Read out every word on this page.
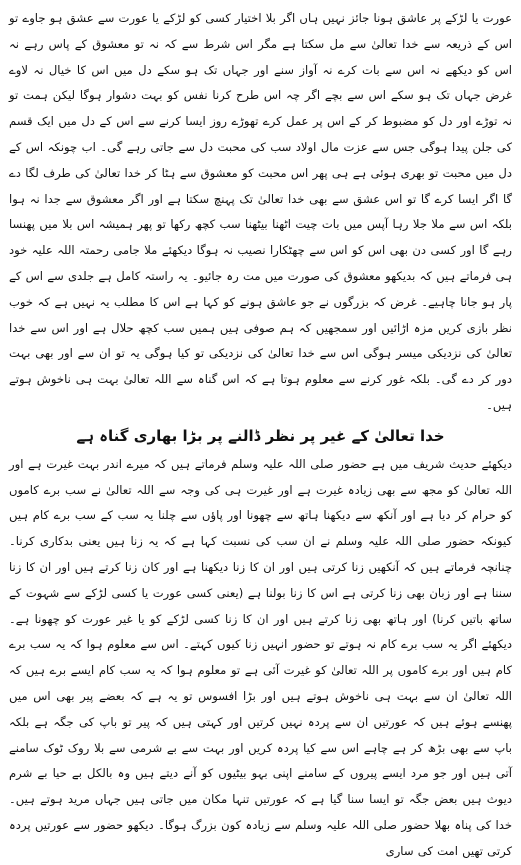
عورت یا لڑکے پر عاشق ہونا جائز نہیں ہاں اگر بلا اختیار کسی کو لڑکے یا عورت سے عشق ہو جاوے تو اس کے ذریعہ سے خدا تعالیٰ سے مل سکتا ہے مگر اس شرط سے کہ نہ تو معشوق کے پاس رہے نہ اس کو دیکھے نہ اس سے بات کرے نہ آواز سنے اور جہاں تک ہو سکے دل میں اس کا خیال نہ لاوے غرض جہاں تک ہو سکے اس سے بچے اگر چہ اس طرح کرنا نفس کو بہت دشوار ہوگا لیکن ہمت تو نہ توڑے اور دل کو مضبوط کر کے اس پر عمل کرے تھوڑے روز ایسا کرنے سے اس کے دل میں ایک قسم کی جلن پیدا ہوگی جس سے عزت مال اولاد سب کی محبت دل سے جاتی رہے گی۔ اب چونکہ اس کے دل میں محبت تو بھری ہوئی ہے ہی پھر اس محبت کو معشوق سے ہٹا کر خدا تعالیٰ کی طرف لگا دے گا اگر ایسا کرے گا تو اس عشق سے بھی خدا تعالیٰ تک پہنچ سکتا ہے اور اگر معشوق سے جدا نہ ہوا بلکہ اس سے ملا جلا رہا آپس میں بات چیت اٹھنا بیٹھنا سب کچھ رکھا تو پھر ہمیشہ اس بلا میں پھنسا رہے گا اور کسی دن بھی اس کو اس سے چھٹکارا نصیب نہ ہوگا دیکھئے ملا جامی رحمتہ اللہ علیہ خود ہی فرماتے ہیں کہ بدیکھو معشوق کی صورت میں مت رہ جائیو۔ یہ راستہ کامل ہے جلدی سے اس کے پار ہو جانا چاہیے۔ غرض کہ بزرگوں نے جو عاشق ہونے کو کہا ہے اس کا مطلب یہ نہیں ہے کہ خوب نظر بازی کریں مزہ اڑائیں اور سمجھیں کہ ہم صوفی ہیں ہمیں سب کچھ حلال ہے اور اس سے خدا تعالیٰ کی نزدیکی میسر ہوگی اس سے خدا تعالیٰ کی نزدیکی تو کیا ہوگی یہ تو ان سے اور بھی بہت دور کر دے گی۔ بلکہ غور کرنے سے معلوم ہوتا ہے کہ اس گناہ سے اللہ تعالیٰ بہت ہی ناخوش ہوتے ہیں۔

خدا تعالیٰ کے غیر پر نظر ڈالنے پر بڑا بھاری گناہ ہے

دیکھئے حدیث شریف میں ہے حضور صلی اللہ علیہ وسلم فرماتے ہیں کہ میرے اندر بہت غیرت ہے اور اللہ تعالیٰ کو مجھ سے بھی زیادہ غیرت ہے اور غیرت ہی کی وجہ سے اللہ تعالیٰ نے سب برے کاموں کو حرام کر دیا ہے اور آنکھ سے دیکھنا ہاتھ سے چھونا اور پاؤں سے چلنا یہ سب کے سب برے کام ہیں کیونکہ حضور صلی اللہ علیہ وسلم نے ان سب کی نسبت کہا ہے کہ یہ زنا ہیں یعنی بدکاری کرنا۔ چنانچہ فرماتے ہیں کہ آنکھیں زنا کرتی ہیں اور ان کا زنا دیکھنا ہے اور کان زنا کرتے ہیں اور ان کا زنا سننا ہے اور زبان بھی زنا کرتی ہے اس کا زنا بولنا ہے (یعنی کسی عورت یا کسی لڑکے سے شہوت کے ساتھ باتیں کرنا) اور ہاتھ بھی زنا کرتے ہیں اور ان کا زنا کسی لڑکے کو یا غیر عورت کو چھونا ہے۔ دیکھئے اگر یہ سب برے کام نہ ہوتے تو حضور انہیں زنا کیوں کہتے۔ اس سے معلوم ہوا کہ یہ سب برے کام ہیں اور برے کاموں پر اللہ تعالیٰ کو غیرت آئی ہے تو معلوم ہوا کہ یہ سب کام ایسے برے ہیں کہ اللہ تعالیٰ ان سے بہت ہی ناخوش ہوتے ہیں اور بڑا افسوس تو یہ ہے کہ بعضے پیر بھی اس میں پھنسے ہوئے ہیں کہ عورتیں ان سے پردہ نہیں کرتیں اور کہتی ہیں کہ پیر تو باپ کی جگہ ہے بلکہ باپ سے بھی بڑھ کر ہے چاہے اس سے کیا پردہ کریں اور بہت سے بے شرمی سے بلا روک ٹوک سامنے آتی ہیں اور جو مرد ایسے پیروں کے سامنے اپنی بہو بیٹیوں کو آنے دیتے ہیں وہ بالکل بے حیا بے شرم دیوث ہیں بعض جگہ تو ایسا سنا گیا ہے کہ عورتیں تنہا مکان میں جاتی ہیں جہاں مرید ہوتے ہیں۔ خدا کی پناہ بھلا حضور صلی اللہ علیہ وسلم سے زیادہ کون بزرگ ہوگا۔ دیکھو حضور سے عورتیں پردہ کرتی تھیں امت کی ساری
